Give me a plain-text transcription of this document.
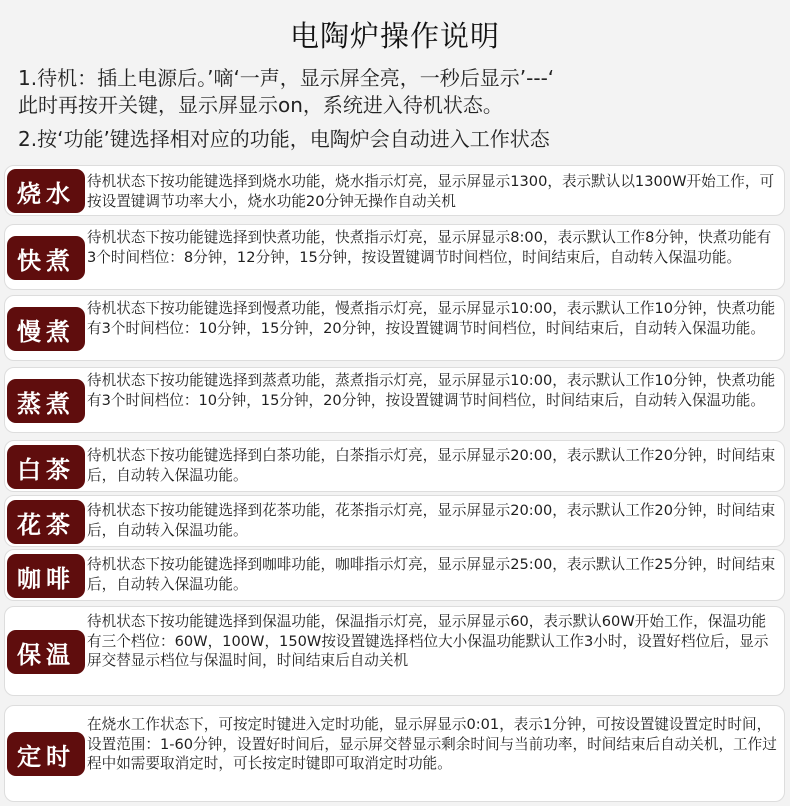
电陶炉操作说明
1.待机：插上电源后。’嘀‘一声，显示屏全亮，一秒后显示’---‘
此时再按开关键，显示屏显示on，系统进入待机状态。
2.按‘功能’键选择相对应的功能，电陶炉会自动进入工作状态
烧水 待机状态下按功能键选择到烧水功能，烧水指示灯亮，显示屏显示1300，表示默认以1300W开始工作，可按设置键调节功率大小，烧水功能20分钟无操作自动关机
快煮
待机状态下按功能键选择到快煮功能，快煮指示灯亮，显示屏显示8:00，表示默认工作8分钟，快煮功能有3个时间档位：8分钟，12分钟，15分钟，按设置键调节时间档位，时间结束后，自动转入保温功能。
慢煮
待机状态下按功能键选择到慢煮功能，慢煮指示灯亮，显示屏显示10:00，表示默认工作10分钟，快煮功能有3个时间档位：10分钟，15分钟，20分钟，按设置键调节时间档位，时间结束后，自动转入保温功能。
蒸煮
待机状态下按功能键选择到蒸煮功能，蒸煮指示灯亮，显示屏显示10:00，表示默认工作10分钟，快煮功能有3个时间档位：10分钟，15分钟，20分钟，按设置键调节时间档位，时间结束后，自动转入保温功能。
白茶 待机状态下按功能键选择到白茶功能，白茶指示灯亮，显示屏显示20:00，表示默认工作20分钟，时间结束后，自动转入保温功能。
花茶 待机状态下按功能键选择到花茶功能，花茶指示灯亮，显示屏显示20:00，表示默认工作20分钟，时间结束后，自动转入保温功能。
咖啡 待机状态下按功能键选择到咖啡功能，咖啡指示灯亮，显示屏显示25:00，表示默认工作25分钟，时间结束后，自动转入保温功能。
保温
待机状态下按功能键选择到保温功能，保温指示灯亮，显示屏显示60，表示默认60W开始工作，保温功能有三个档位：60W，100W，150W按设置键选择档位大小保温功能默认工作3小时，设置好档位后，显示屏交替显示档位与保温时间，时间结束后自动关机
定时
在烧水工作状态下，可按定时键进入定时功能，显示屏显示0:01，表示1分钟，可按设置键设置定时时间，设置范围：1-60分钟，设置好时间后，显示屏交替显示剩余时间与当前功率，时间结束后自动关机，工作过程中如需要取消定时，可长按定时键即可取消定时功能。
